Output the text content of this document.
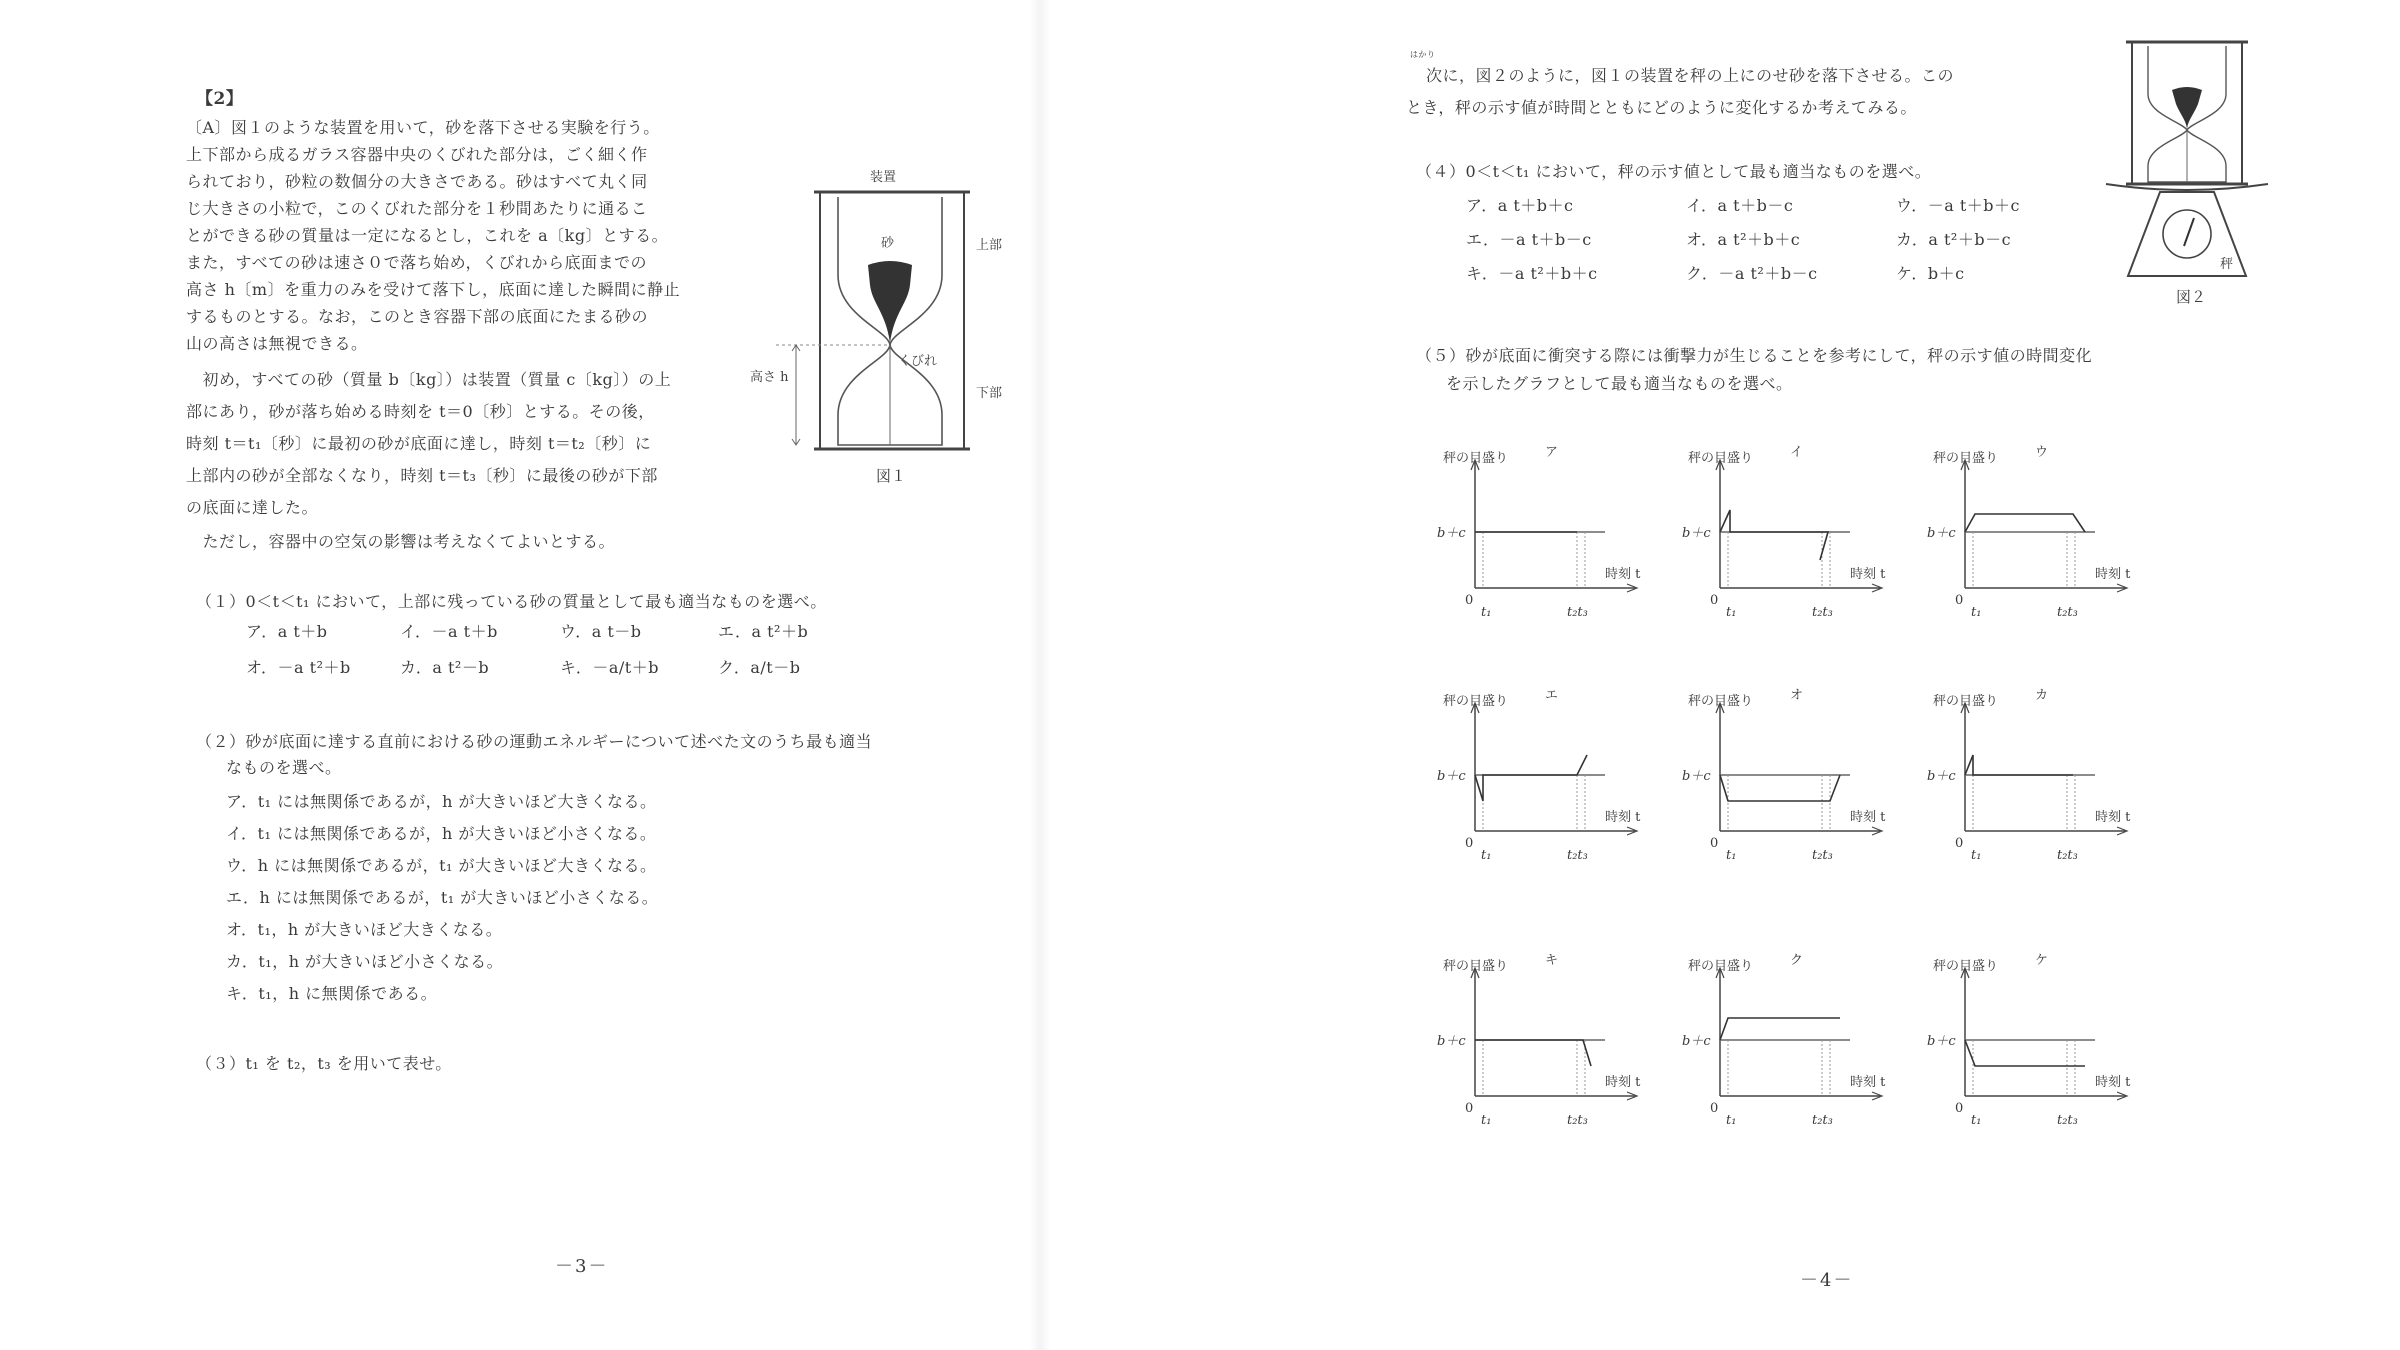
【2】
〔A〕図１のような装置を用いて，砂を落下させる実験を行う。
上下部から成るガラス容器中央のくびれた部分は，ごく細く作
られており，砂粒の数個分の大きさである。砂はすべて丸く同
じ大きさの小粒で，このくびれた部分を１秒間あたりに通るこ
とができる砂の質量は一定になるとし，これを a〔kg〕とする。
また，すべての砂は速さ０で落ち始め，くびれから底面までの
高さ h〔m〕を重力のみを受けて落下し，底面に達した瞬間に静止
するものとする。なお，このとき容器下部の底面にたまる砂の
山の高さは無視できる。
　初め，すべての砂（質量 b〔kg〕）は装置（質量 c〔kg〕）の上
部にあり，砂が落ち始める時刻を t＝0〔秒〕とする。その後，
時刻 t＝t₁〔秒〕に最初の砂が底面に達し，時刻 t＝t₂〔秒〕に
上部内の砂が全部なくなり，時刻 t＝t₃〔秒〕に最後の砂が下部
の底面に達した。
　ただし，容器中の空気の影響は考えなくてよいとする。
装置
砂	上部
くびれ
下部
高さ h
図１
（１）0＜t＜t₁ において，上部に残っている砂の質量として最も適当なものを選べ。
ア．a t＋b	イ．－a t＋b	ウ．a t－b	エ．a t²＋b
オ．－a t²＋b	カ．a t²－b	キ．－a/t＋b	ク．a/t－b
（２）砂が底面に達する直前における砂の運動エネルギーについて述べた文のうち最も適当
なものを選べ。
ア．t₁ には無関係であるが，h が大きいほど大きくなる。
イ．t₁ には無関係であるが，h が大きいほど小さくなる。
ウ．h には無関係であるが，t₁ が大きいほど大きくなる。
エ．h には無関係であるが，t₁ が大きいほど小さくなる。
オ．t₁，h が大きいほど大きくなる。
カ．t₁，h が大きいほど小さくなる。
キ．t₁，h に無関係である。
（３）t₁ を t₂，t₃ を用いて表せ。
－3－
はかり
次に，図２のように，図１の装置を秤の上にのせ砂を落下させる。この
とき，秤の示す値が時間とともにどのように変化するか考えてみる。
秤
図２
（４）0＜t＜t₁ において，秤の示す値として最も適当なものを選べ。
ア．a t＋b＋c	イ．a t＋b－c	ウ．－a t＋b＋c
エ．－a t＋b－c	オ．a t²＋b＋c	カ．a t²＋b－c
キ．－a t²＋b＋c	ク．－a t²＋b－c	ケ．b＋c
（５）砂が底面に衝突する際には衝撃力が生じることを参考にして，秤の示す値の時間変化
を示したグラフとして最も適当なものを選べ。
秤の目盛り	ア
b＋c
0
t₁	t₂t₃
時刻 t
秤の目盛り	イ
b＋c
0
t₁	t₂t₃
時刻 t
秤の目盛り	ウ
b＋c
0
t₁	t₂t₃
時刻 t
秤の目盛り	エ
b＋c
0
t₁	t₂t₃
時刻 t
秤の目盛り	オ
b＋c
0
t₁	t₂t₃
時刻 t
秤の目盛り	カ
b＋c
0
t₁	t₂t₃
時刻 t
秤の目盛り	キ
b＋c
0
t₁	t₂t₃
時刻 t
秤の目盛り	ク
b＋c
0
t₁	t₂t₃
時刻 t
秤の目盛り	ケ
b＋c
0
t₁	t₂t₃
時刻 t
－4－
